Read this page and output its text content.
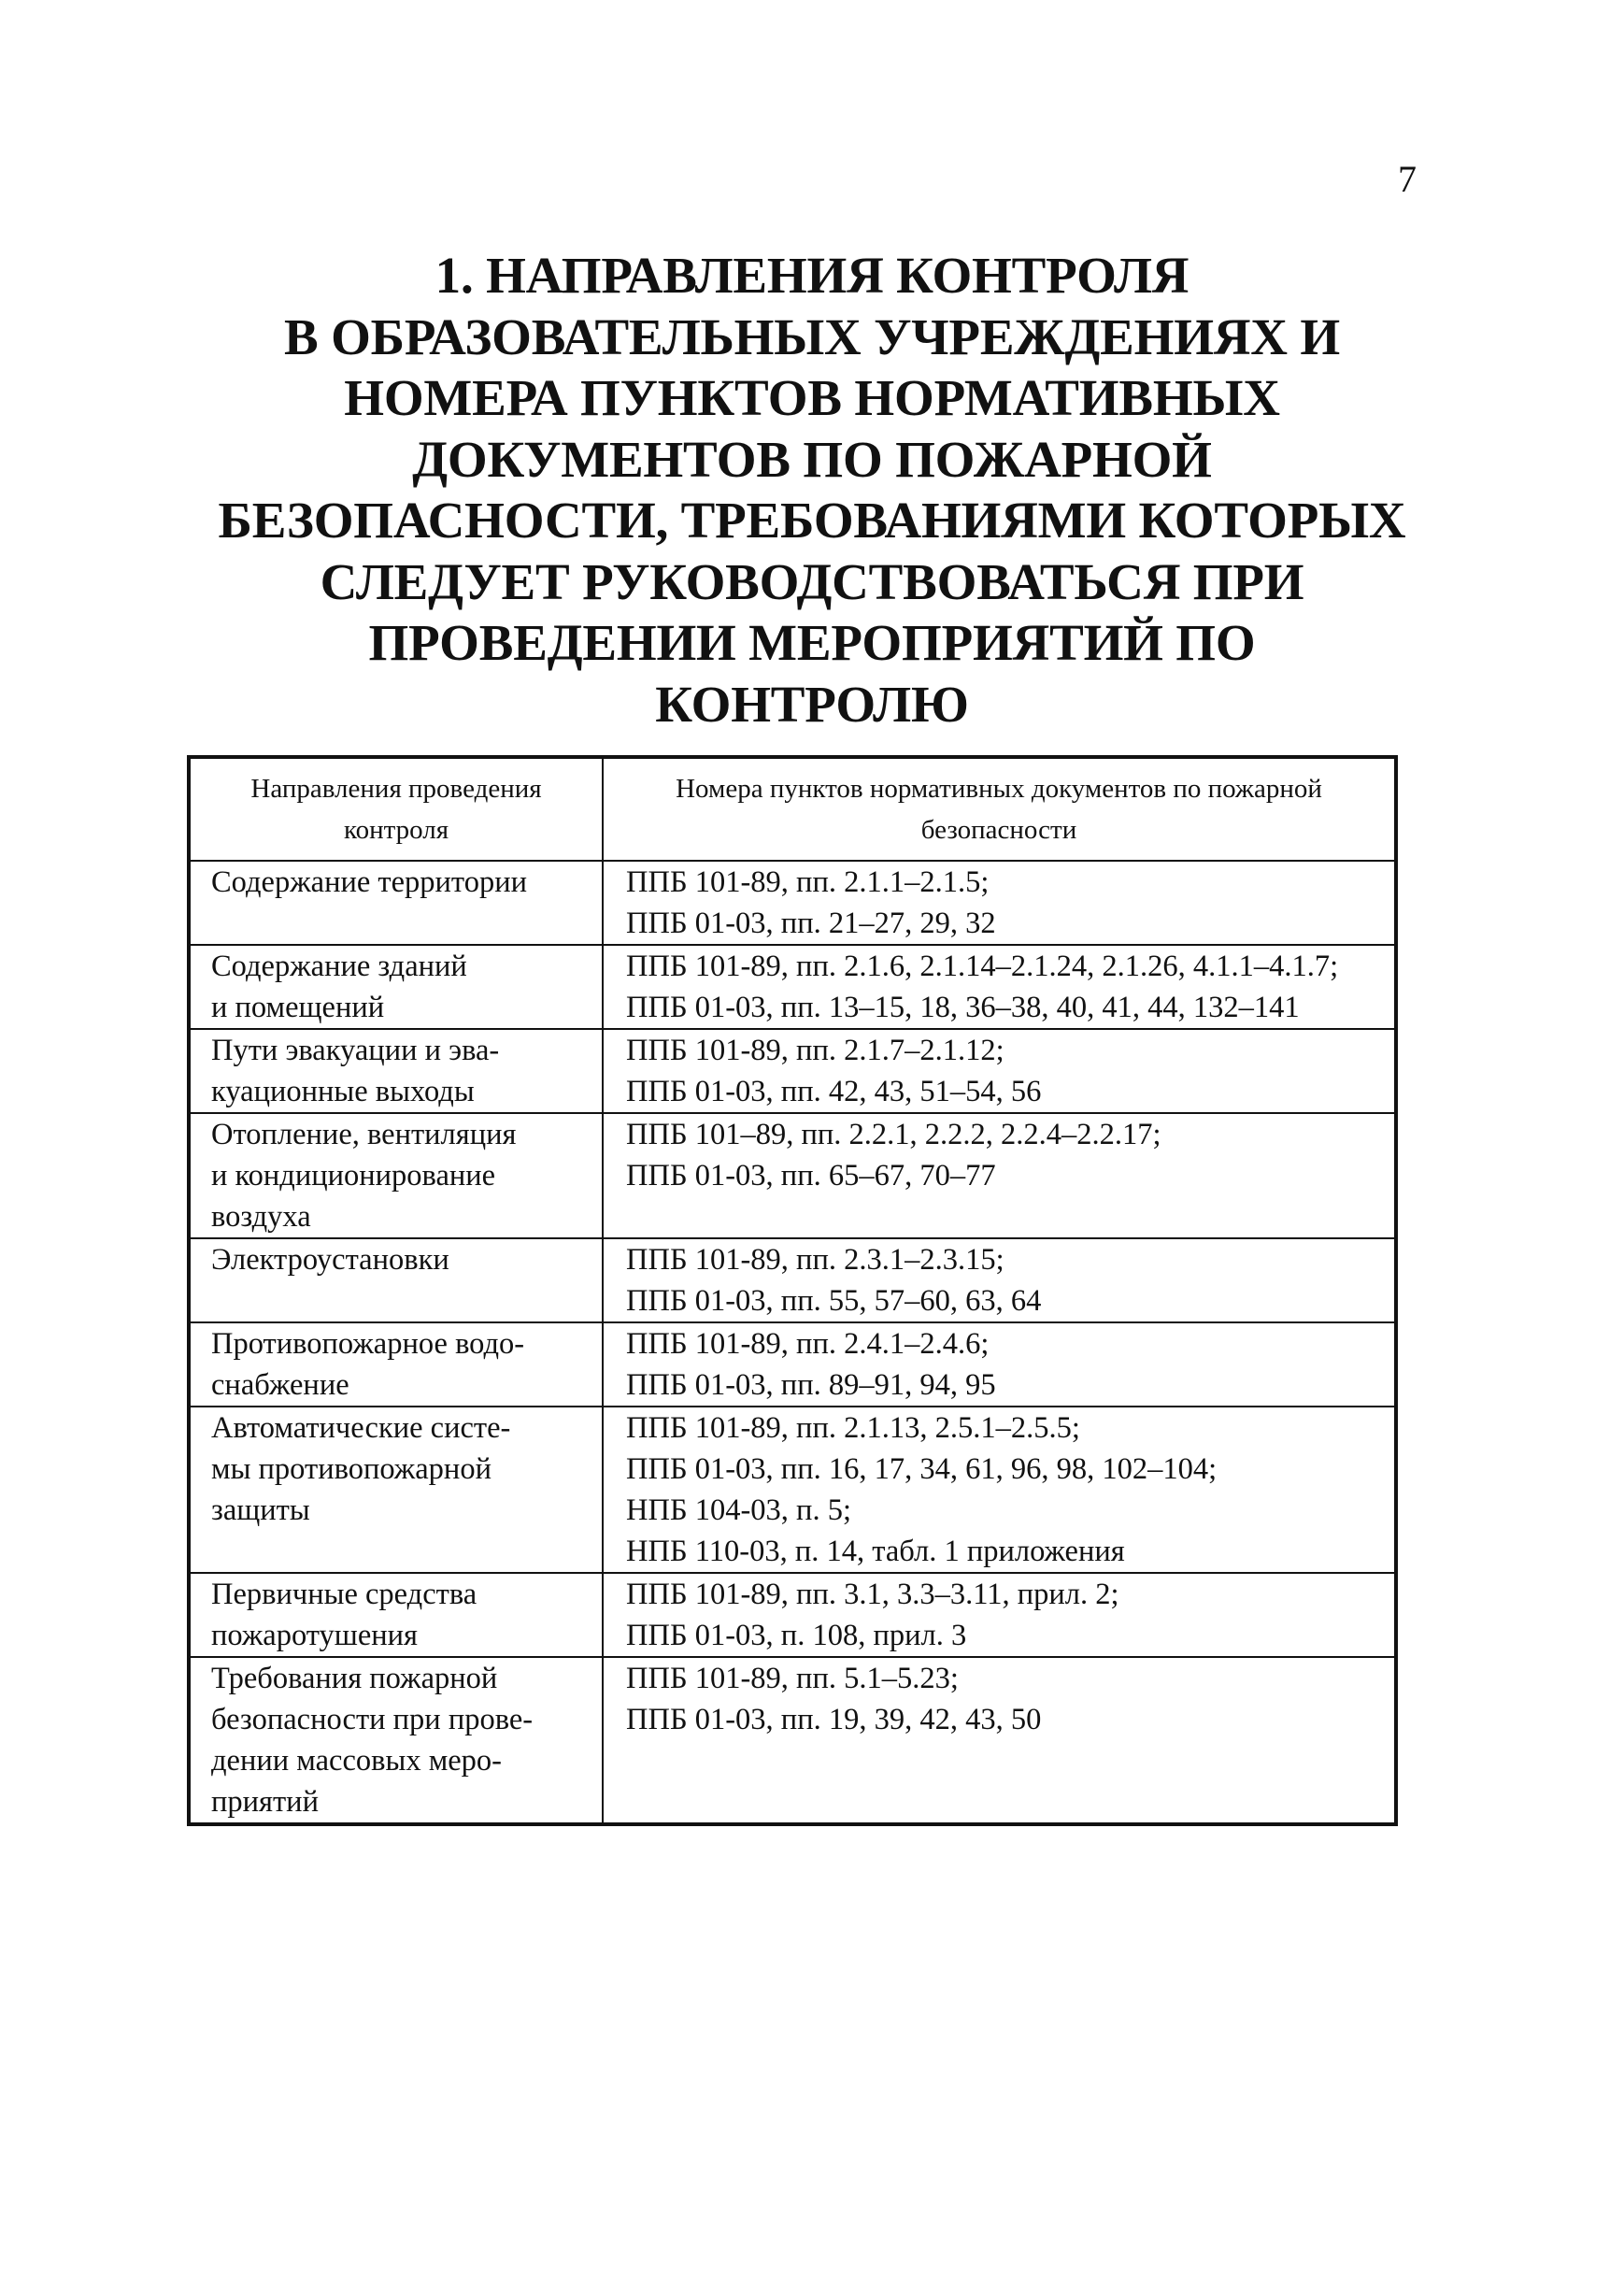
7
1. НАПРАВЛЕНИЯ КОНТРОЛЯ
В ОБРАЗОВАТЕЛЬНЫХ УЧРЕЖДЕНИЯХ И
НОМЕРА ПУНКТОВ НОРМАТИВНЫХ
ДОКУМЕНТОВ ПО ПОЖАРНОЙ
БЕЗОПАСНОСТИ, ТРЕБОВАНИЯМИ КОТОРЫХ
СЛЕДУЕТ РУКОВОДСТВОВАТЬСЯ ПРИ
ПРОВЕДЕНИИ МЕРОПРИЯТИЙ ПО
КОНТРОЛЮ
Направления проведения контроля	Номера пунктов нормативных документов по пожарной безопасности

Содержание территории	ППБ 101-89, пп. 2.1.1–2.1.5;
ППБ 01-03, пп. 21–27, 29, 32

Содержание зданий
и помещений	ППБ 101-89, пп. 2.1.6, 2.1.14–2.1.24, 2.1.26, 4.1.1–4.1.7;
ППБ 01-03, пп. 13–15, 18, 36–38, 40, 41, 44, 132–141

Пути эвакуации и эва-
куационные выходы	ППБ 101-89, пп. 2.1.7–2.1.12;
ППБ 01-03, пп. 42, 43, 51–54, 56

Отопление, вентиляция
и кондиционирование
воздуха	ППБ 101–89, пп. 2.2.1, 2.2.2, 2.2.4–2.2.17;
ППБ 01-03, пп. 65–67, 70–77

Электроустановки	ППБ 101-89, пп. 2.3.1–2.3.15;
ППБ 01-03, пп. 55, 57–60, 63, 64

Противопожарное водо-
снабжение	ППБ 101-89, пп. 2.4.1–2.4.6;
ППБ 01-03, пп. 89–91, 94, 95

Автоматические систе-
мы противопожарной
защиты	ППБ 101-89, пп. 2.1.13, 2.5.1–2.5.5;
ППБ 01-03, пп. 16, 17, 34, 61, 96, 98, 102–104;
НПБ 104-03, п. 5;
НПБ 110-03, п. 14, табл. 1 приложения

Первичные средства
пожаротушения	ППБ 101-89, пп. 3.1, 3.3–3.11, прил. 2;
ППБ 01-03, п. 108, прил. 3

Требования пожарной
безопасности при прове-
дении массовых меро-
приятий	ППБ 101-89, пп. 5.1–5.23;
ППБ 01-03, пп. 19, 39, 42, 43, 50
